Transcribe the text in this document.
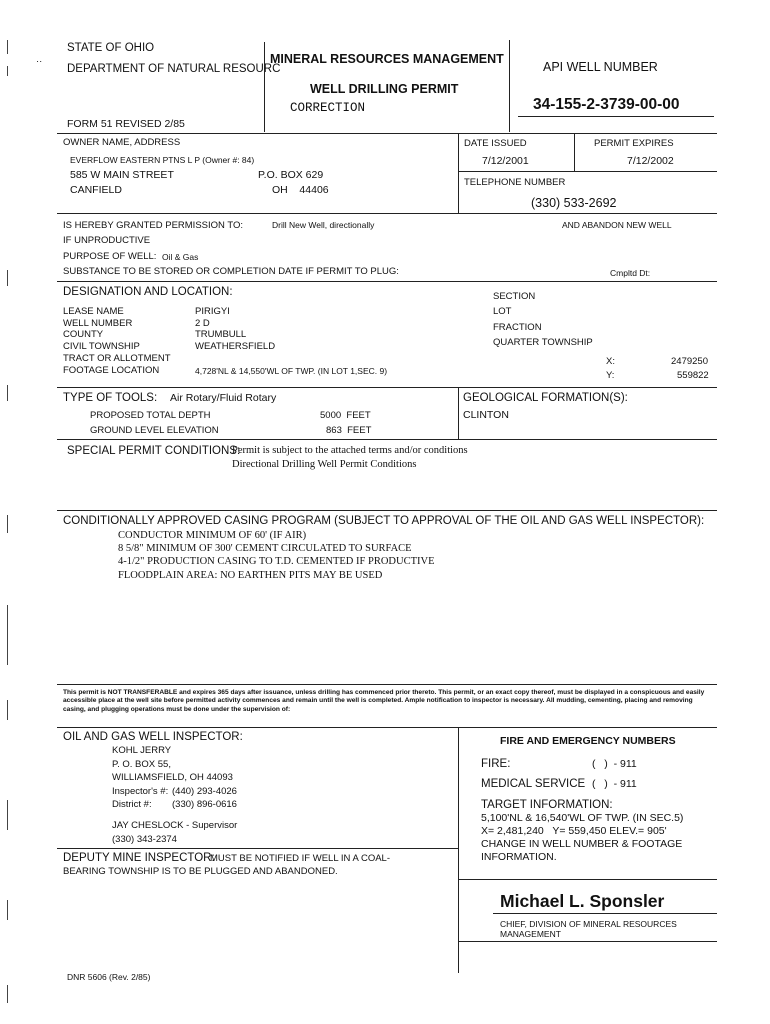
··
STATE OF OHIO
DEPARTMENT OF NATURAL RESOURC
MINERAL RESOURCES MANAGEMENT
WELL DRILLING PERMIT
CORRECTION
API WELL NUMBER
34-155-2-3739-00-00
FORM 51 REVISED 2/85
OWNER NAME, ADDRESS
EVERFLOW EASTERN PTNS L P (Owner #: 84)
585 W MAIN STREET	P.O. BOX 629
CANFIELD	OH    44406
DATE ISSUED	PERMIT EXPIRES
7/12/2001	7/12/2002
TELEPHONE NUMBER
(330) 533-2692
IS HEREBY GRANTED PERMISSION TO:	Drill New Well, directionally	AND ABANDON NEW WELL
IF UNPRODUCTIVE
PURPOSE OF WELL: Oil & Gas
SUBSTANCE TO BE STORED OR COMPLETION DATE IF PERMIT TO PLUG:	Cmpltd Dt:
DESIGNATION AND LOCATION:
LEASE NAME	PIRIGYI
WELL NUMBER	2 D
COUNTY	TRUMBULL
CIVIL TOWNSHIP	WEATHERSFIELD
TRACT OR ALLOTMENT
FOOTAGE LOCATION	4,728'NL & 14,550'WL OF TWP. (IN LOT 1,SEC. 9)
SECTION
LOT
FRACTION
QUARTER TOWNSHIP
X:	2479250
Y:	559822
TYPE OF TOOLS: Air Rotary/Fluid Rotary
PROPOSED TOTAL DEPTH	5000  FEET
GROUND LEVEL ELEVATION	863  FEET
GEOLOGICAL FORMATION(S):
CLINTON
SPECIAL PERMIT CONDITIONS:
Permit is subject to the attached terms and/or conditions
Directional Drilling Well Permit Conditions
CONDITIONALLY APPROVED CASING PROGRAM (SUBJECT TO APPROVAL OF THE OIL AND GAS WELL INSPECTOR):
CONDUCTOR MINIMUM OF 60' (IF AIR)
8 5/8" MINIMUM OF 300' CEMENT CIRCULATED TO SURFACE
4-1/2" PRODUCTION CASING TO T.D. CEMENTED IF PRODUCTIVE
FLOODPLAIN AREA: NO EARTHEN PITS MAY BE USED
This permit is NOT TRANSFERABLE and expires 365 days after issuance, unless drilling has commenced prior thereto. This permit, or an exact copy thereof, must be displayed in a conspicuous and easily accessible place at the well site before permitted activity commences and remain until the well is completed. Ample notification to inspector is necessary. All mudding, cementing, placing and removing casing, and plugging operations must be done under the supervision of:
OIL AND GAS WELL INSPECTOR:
KOHL JERRY
P. O. BOX 55,
WILLIAMSFIELD, OH 44093
Inspector's #: (440) 293-4026
District #: (330) 896-0616
JAY CHESLOCK - Supervisor
(330) 343-2374
DEPUTY MINE INSPECTOR:
MUST BE NOTIFIED IF WELL IN A COAL-
BEARING TOWNSHIP IS TO BE PLUGGED AND ABANDONED.
FIRE AND EMERGENCY NUMBERS
FIRE:	(   )  - 911
MEDICAL SERVICE (   )  - 911
TARGET INFORMATION:
5,100'NL & 16,540'WL OF TWP. (IN SEC.5)
X= 2,481,240   Y= 559,450 ELEV.= 905'
CHANGE IN WELL NUMBER & FOOTAGE
INFORMATION.
Michael L. Sponsler
CHIEF, DIVISION OF MINERAL RESOURCES
MANAGEMENT
DNR 5606 (Rev. 2/85)
